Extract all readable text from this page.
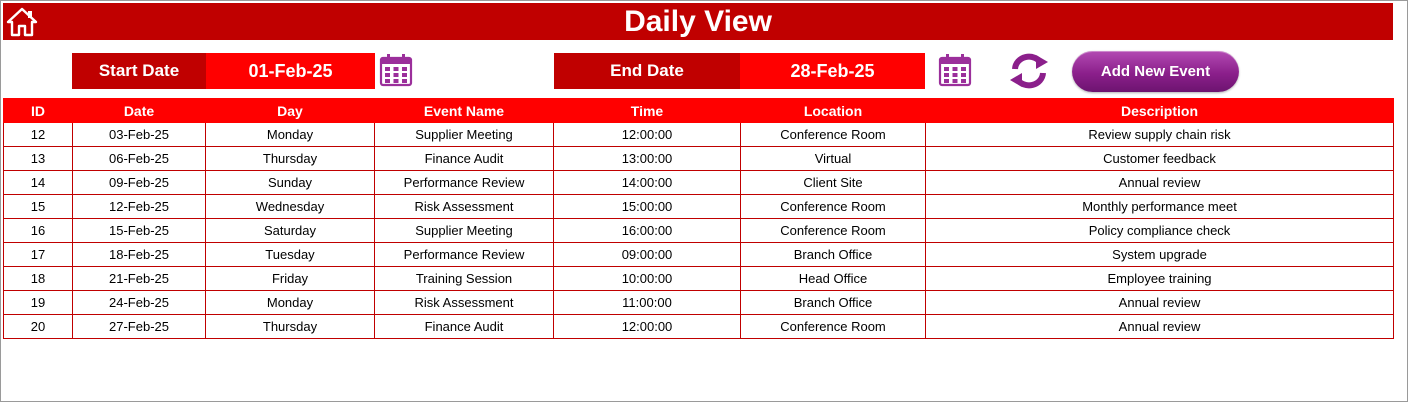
Daily View
Start Date	01-Feb-25	End Date	28-Feb-25	Add New Event
ID	Date	Day	Event Name	Time	Location	Description
12	03-Feb-25	Monday	Supplier Meeting	12:00:00	Conference Room	Review supply chain risk
13	06-Feb-25	Thursday	Finance Audit	13:00:00	Virtual	Customer feedback
14	09-Feb-25	Sunday	Performance Review	14:00:00	Client Site	Annual review
15	12-Feb-25	Wednesday	Risk Assessment	15:00:00	Conference Room	Monthly performance meet
16	15-Feb-25	Saturday	Supplier Meeting	16:00:00	Conference Room	Policy compliance check
17	18-Feb-25	Tuesday	Performance Review	09:00:00	Branch Office	System upgrade
18	21-Feb-25	Friday	Training Session	10:00:00	Head Office	Employee training
19	24-Feb-25	Monday	Risk Assessment	11:00:00	Branch Office	Annual review
20	27-Feb-25	Thursday	Finance Audit	12:00:00	Conference Room	Annual review
